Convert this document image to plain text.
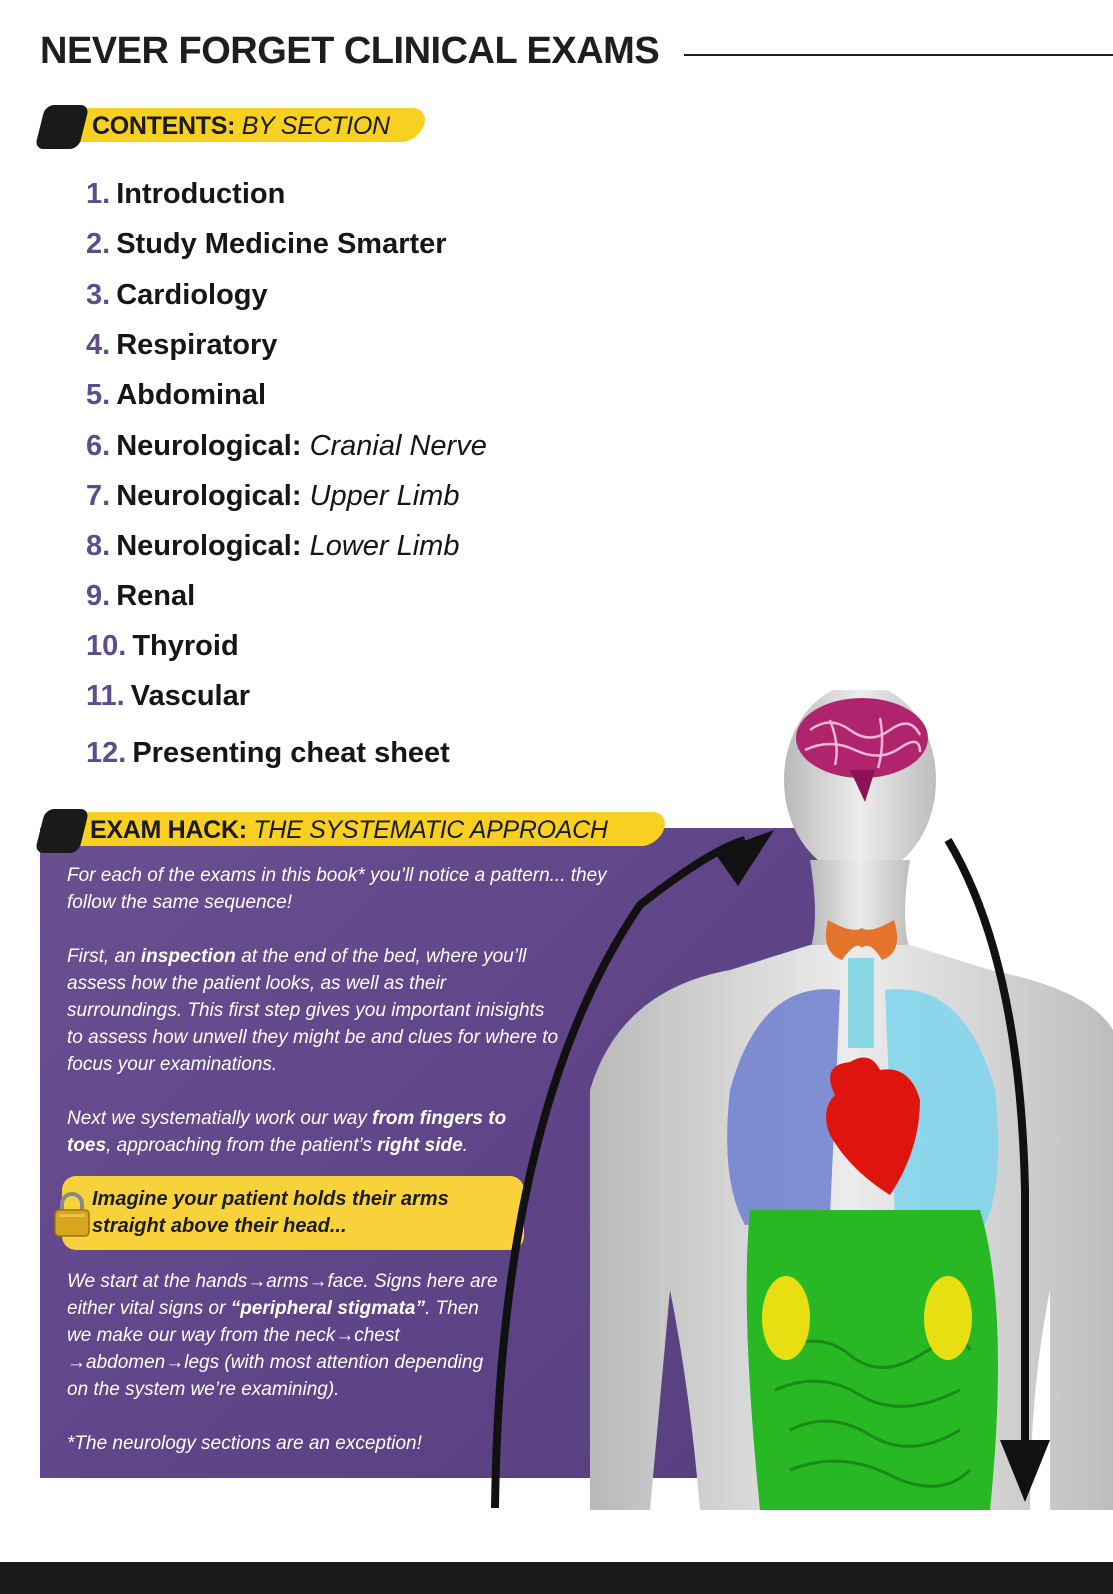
NEVER FORGET CLINICAL EXAMS
CONTENTS: BY SECTION
1. Introduction
2. Study Medicine Smarter
3. Cardiology
4. Respiratory
5. Abdominal
6. Neurological: Cranial Nerve
7. Neurological: Upper Limb
8. Neurological: Lower Limb
9. Renal
10. Thyroid
11. Vascular
12. Presenting cheat sheet
EXAM HACK: THE SYSTEMATIC APPROACH
For each of the exams in this book* you’ll notice a pattern... they follow the same sequence!
First, an inspection at the end of the bed, where you’ll assess how the patient looks, as well as their surroundings. This first step gives you important inisights to assess how unwell they might be and clues for where to focus your examinations.
Next we systematially work our way from fingers to toes, approaching from the patient’s right side.
Imagine your patient holds their arms straight above their head...
We start at the hands→arms→face. Signs here are either vital signs or “peripheral stigmata”. Then we make our way from the neck→chest →abdomen→legs (with most attention depending on the system we’re examining).
*The neurology sections are an exception!
